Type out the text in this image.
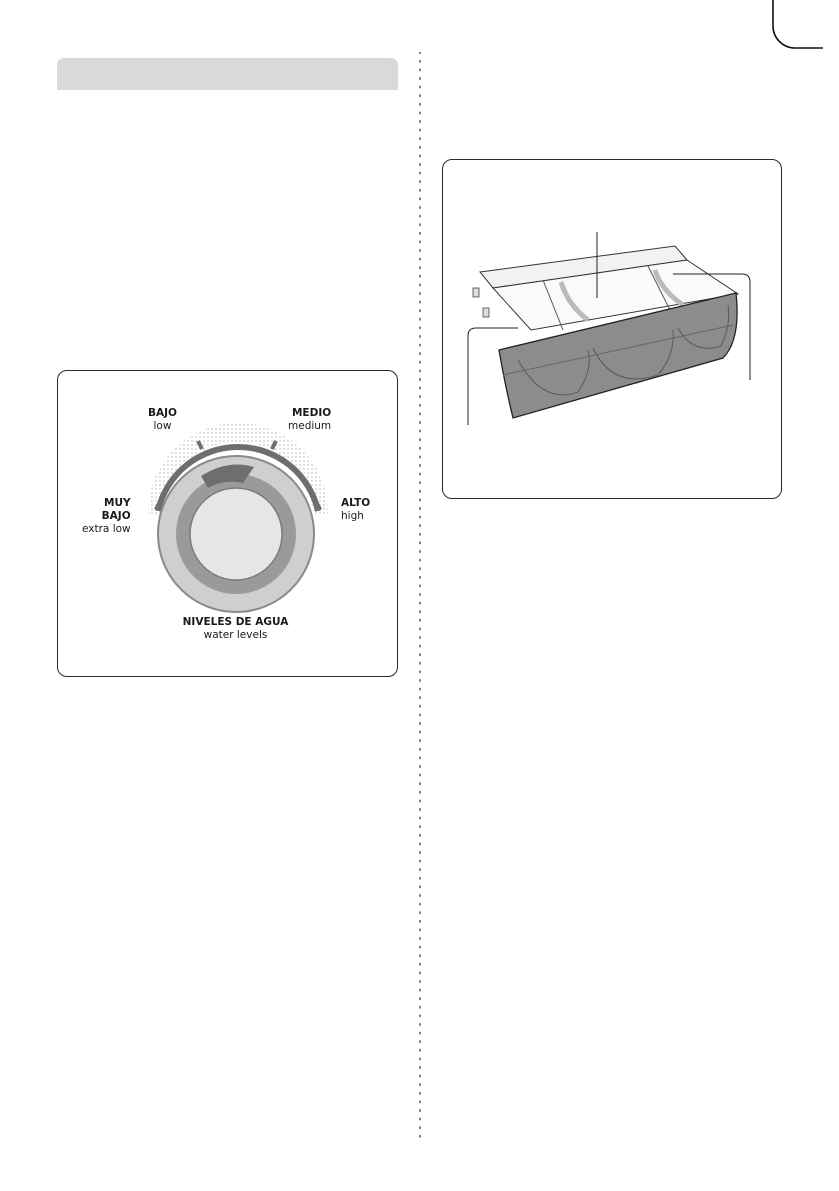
BAJO
low
MEDIO
medium
MUY
BAJO
extra low
ALTO
high
NIVELES DE AGUA
water levels
